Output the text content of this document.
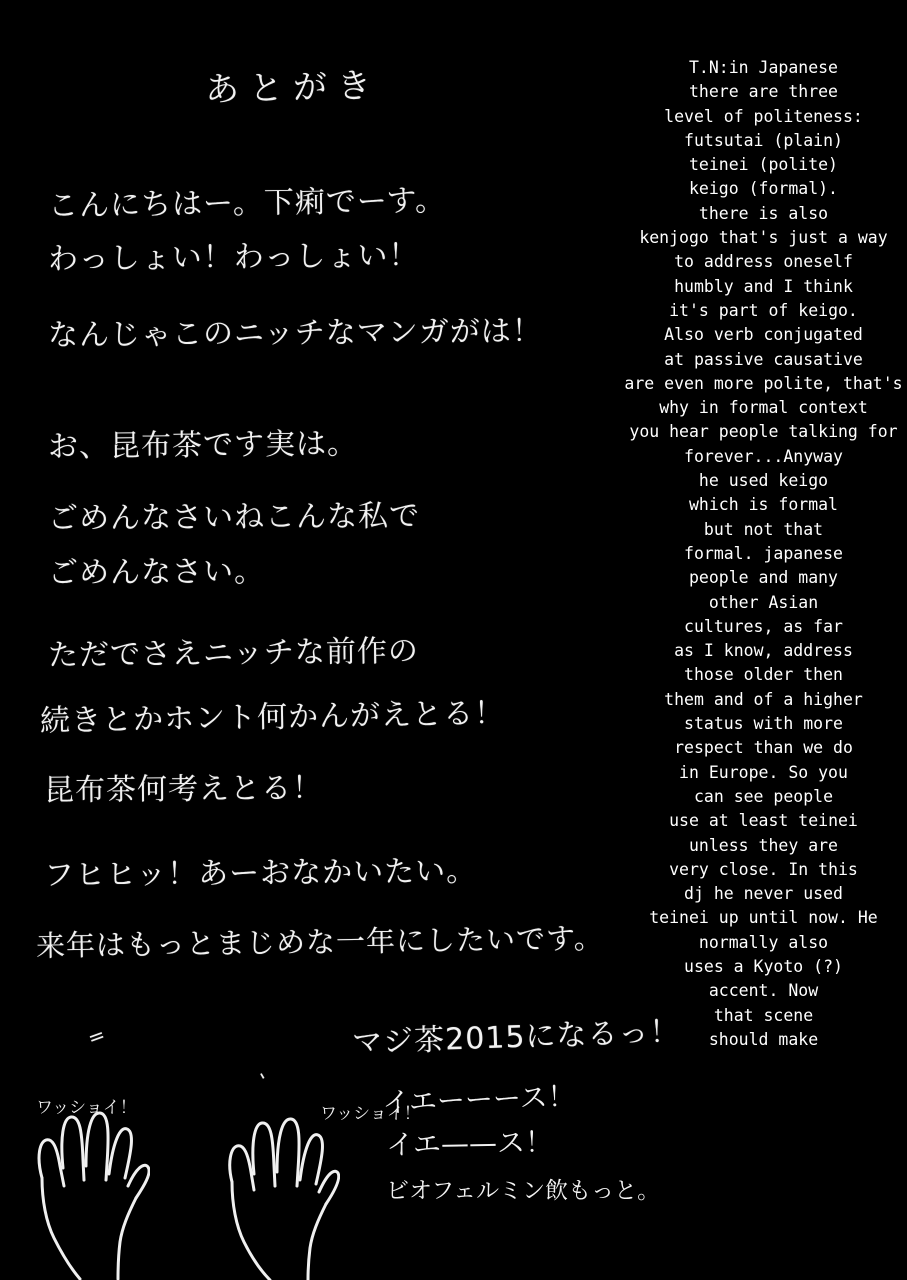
あとがき
こんにちはー。下痢でーす。
わっしょい！わっしょい！
なんじゃこのニッチなマンガがは！
お、昆布茶です実は。
ごめんなさいねこんな私で
ごめんなさい。
ただでさえニッチな前作の
続きとかホント何かんがえとる！
昆布茶何考えとる！
フヒヒッ！あーおなかいたい。
来年はもっとまじめな一年にしたいです。
マジ茶2015になるっ！
=
'
ワッショイ！	ワッショイ！
イエーーース！
イエ——ス！
ビオフェルミン飲もっと。
T.N:in Japanese
there are three
level of politeness:
futsutai (plain)
teinei (polite)
keigo (formal).
there is also
kenjogo that's just a way
to address oneself
humbly and I think
it's part of keigo.
Also verb conjugated
at passive causative
are even more polite, that's
why in formal context
you hear people talking for
forever...Anyway
he used keigo
which is formal
but not that
formal. japanese
people and many
other Asian
cultures, as far
as I know, address
those older then
them and of a higher
status with more
respect than we do
in Europe. So you
can see people
use at least teinei
unless they are
very close. In this
dj he never used
teinei up until now. He
normally also
uses a Kyoto (?)
accent. Now
that scene
should make
